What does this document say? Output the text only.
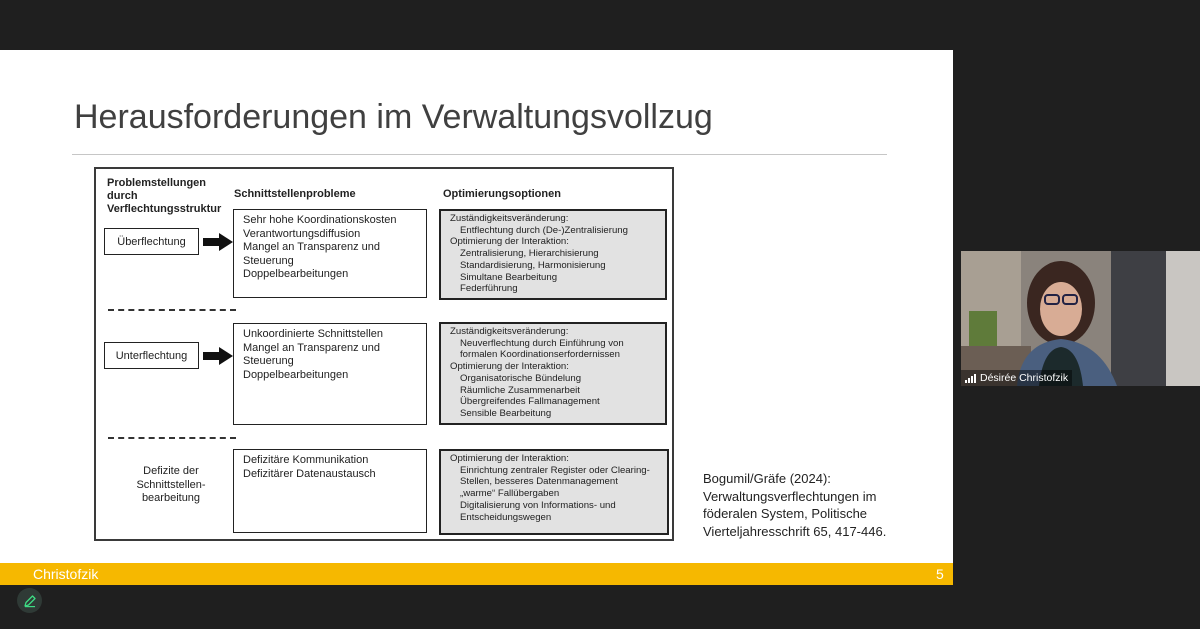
Herausforderungen im Verwaltungsvollzug
Problemstellungen
durch
Verflechtungsstruktur
Schnittstellenprobleme	Optimierungsoptionen
Überflechtung
Sehr hohe Koordinationskosten
Verantwortungsdiffusion
Mangel an Transparenz und
Steuerung
Doppelbearbeitungen
Zuständigkeitsveränderung:
Entflechtung durch (De-)Zentralisierung
Optimierung der Interaktion:
Zentralisierung, Hierarchisierung
Standardisierung, Harmonisierung
Simultane Bearbeitung
Federführung
Unterflechtung
Unkoordinierte Schnittstellen
Mangel an Transparenz und
Steuerung
Doppelbearbeitungen
Zuständigkeitsveränderung:
Neuverflechtung durch Einführung von
formalen Koordinationserfordernissen
Optimierung der Interaktion:
Organisatorische Bündelung
Räumliche Zusammenarbeit
Übergreifendes Fallmanagement
Sensible Bearbeitung
Defizite der
Schnittstellen-
bearbeitung
Defizitäre Kommunikation
Defizitärer Datenaustausch
Optimierung der Interaktion:
Einrichtung zentraler Register oder Clearing-
Stellen, besseres Datenmanagement
„warme“ Fallübergaben
Digitalisierung von Informations- und
Entscheidungswegen
Bogumil/Gräfe (2024):
Verwaltungsverflechtungen im
föderalen System, Politische
Vierteljahresschrift 65, 417-446.
Christofzik	5
Désirée Christofzik
